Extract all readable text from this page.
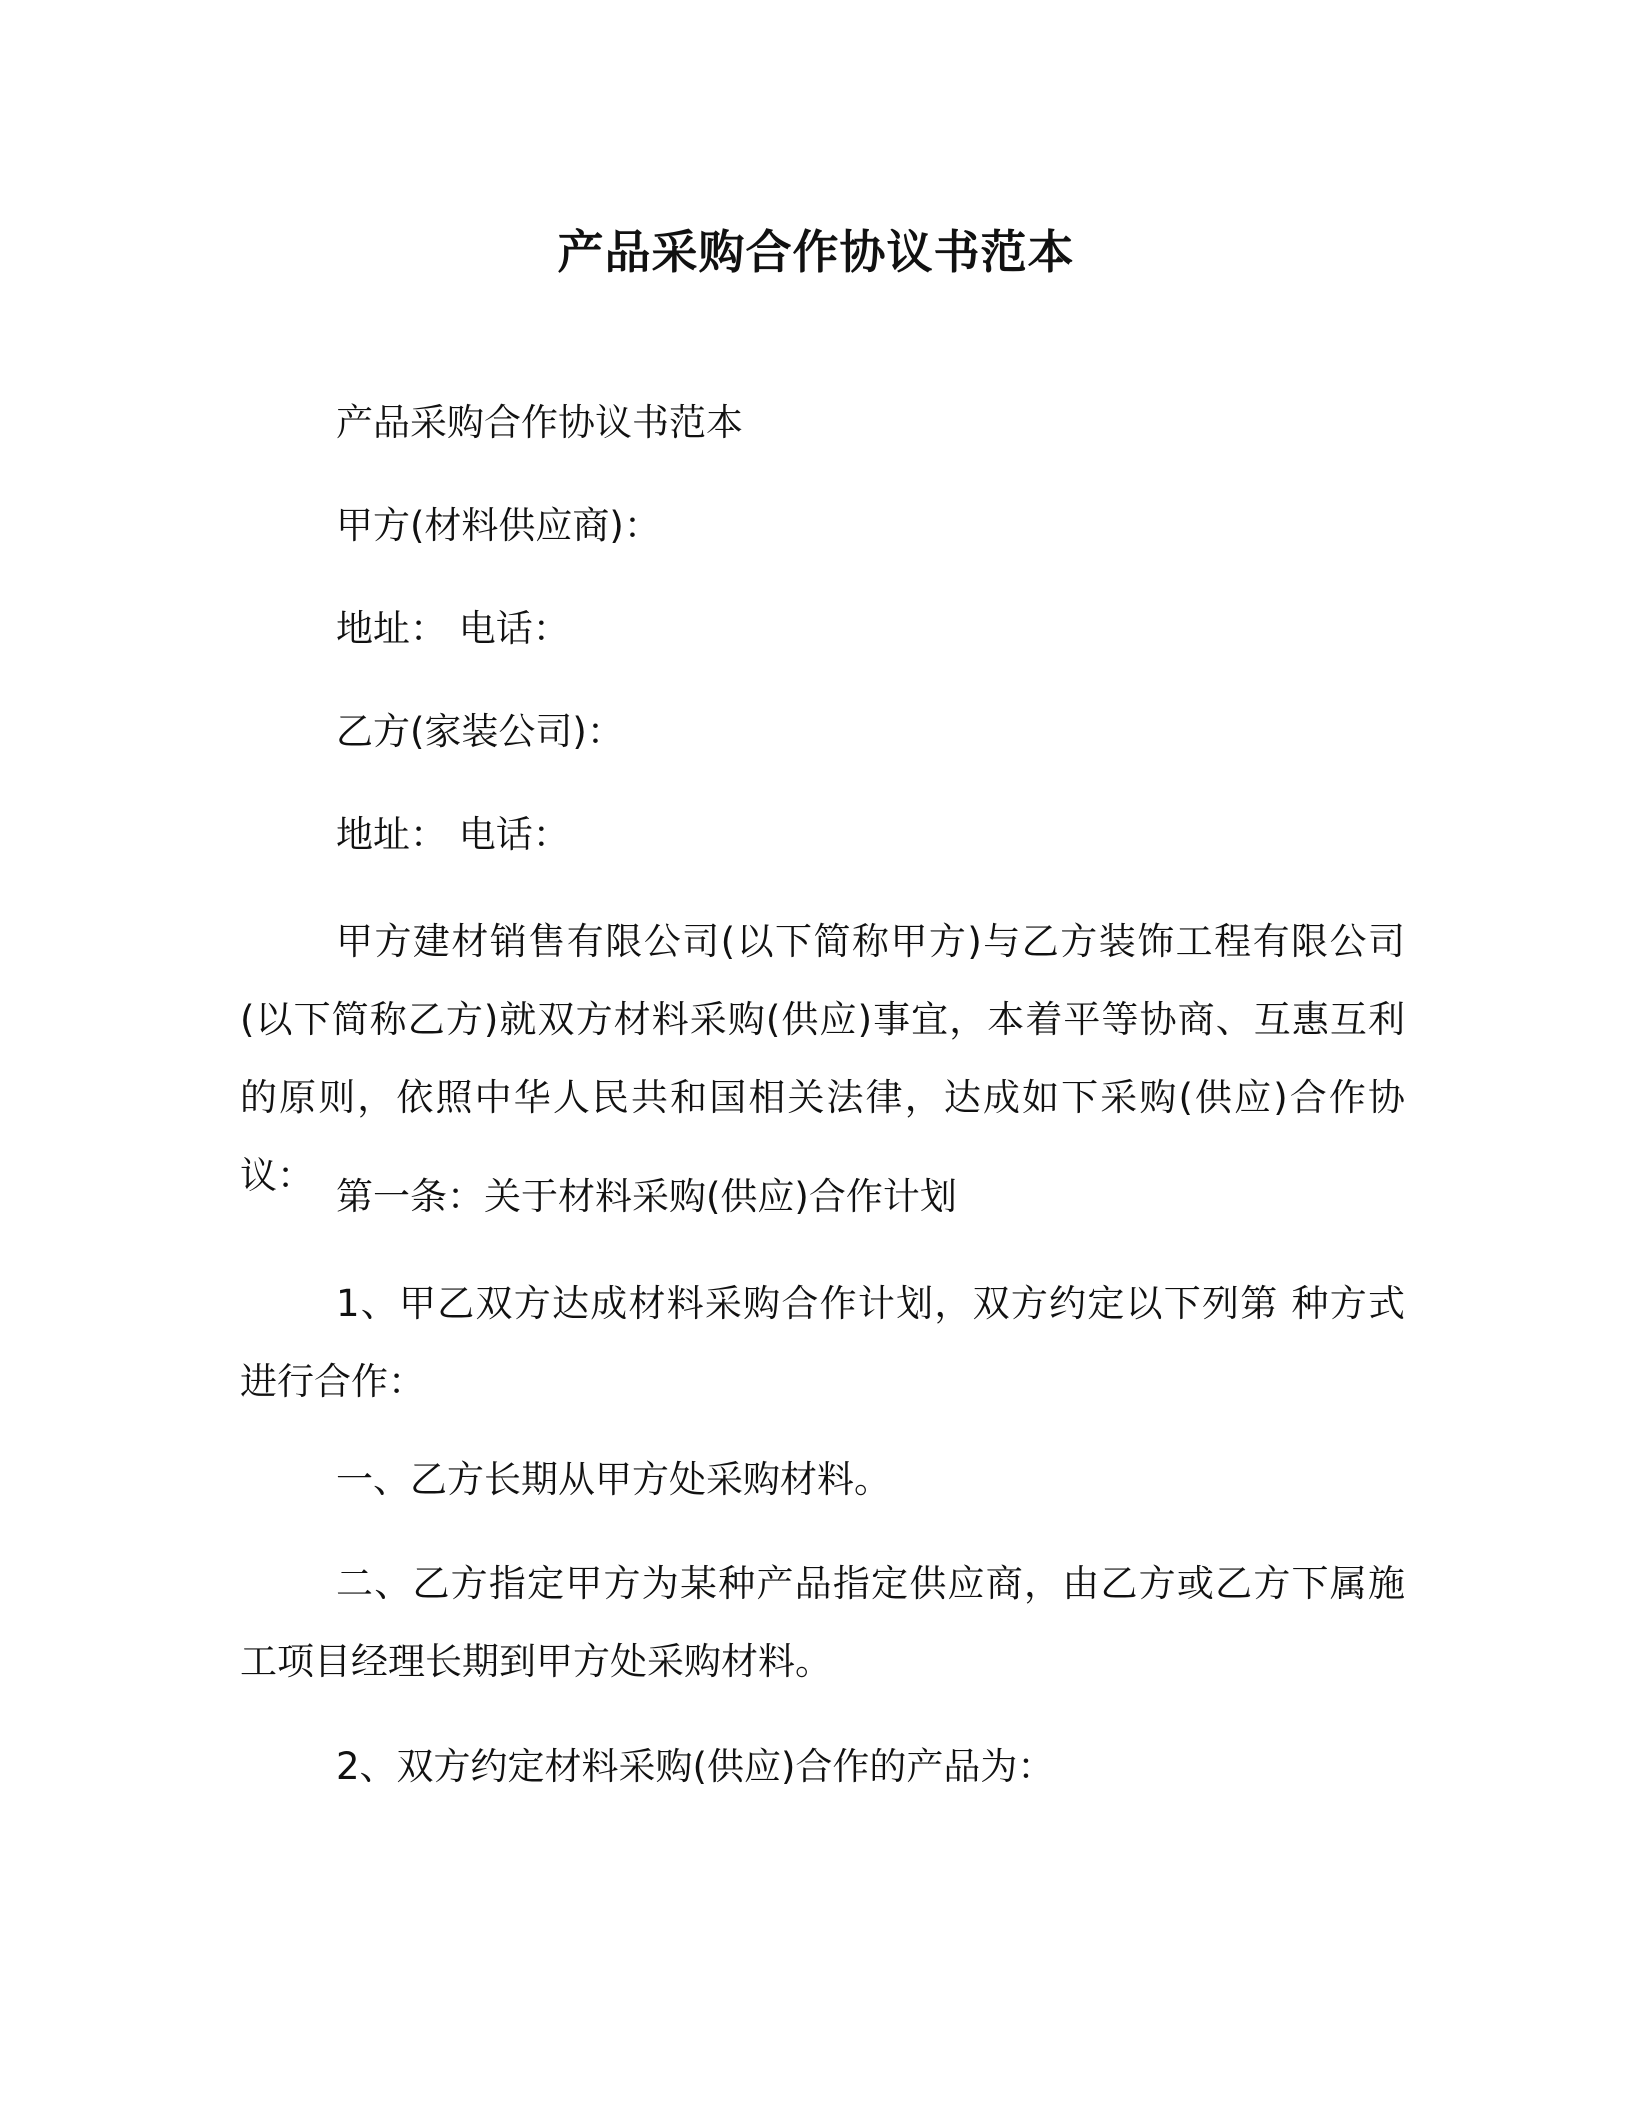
产品采购合作协议书范本
产品采购合作协议书范本
甲方(材料供应商)：
地址： 电话：
乙方(家装公司)：
地址： 电话：
甲方建材销售有限公司(以下简称甲方)与乙方装饰工程有限公司(以下简称乙方)就双方材料采购(供应)事宜，本着平等协商、互惠互利的原则，依照中华人民共和国相关法律，达成如下采购(供应)合作协议： 第一条：关于材料采购(供应)合作计划
1、甲乙双方达成材料采购合作计划，双方约定以下列第 种方式进行合作：
一、乙方长期从甲方处采购材料。
二、乙方指定甲方为某种产品指定供应商，由乙方或乙方下属施工项目经理长期到甲方处采购材料。
2、双方约定材料采购(供应)合作的产品为：
